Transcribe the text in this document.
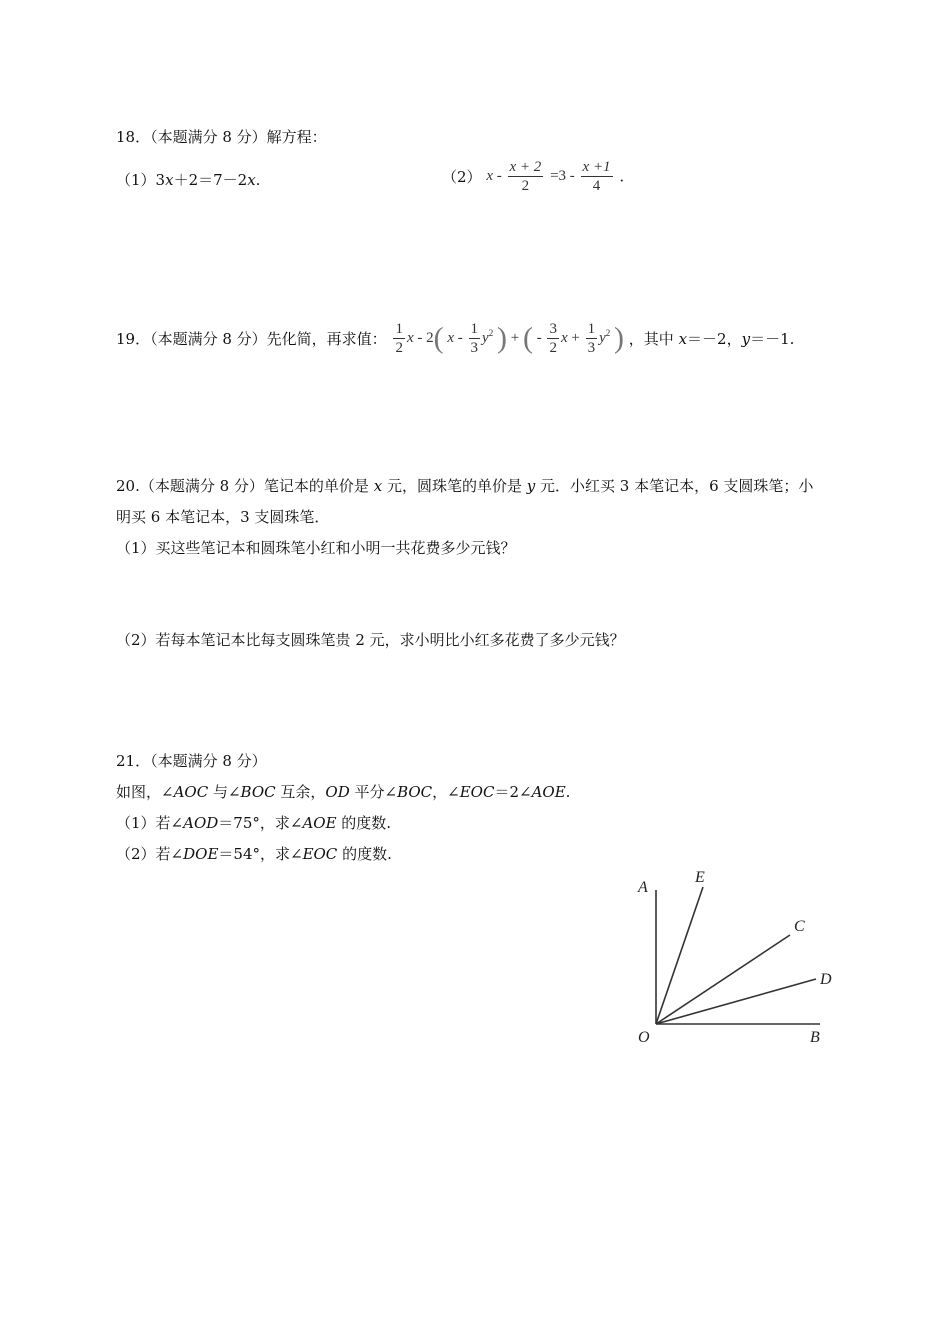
18．（本题满分 8 分）解方程：
（1）3x＋2＝7－2x.	（2） $x - \frac{x + 2}{2} =3 - \frac{x +1}{4}$ .
19．（本题满分 8 分）先化简，再求值： $\frac{1}{2}$ x - 2( x - $\frac{1}{3} y^2$ ) + ( - $\frac{3}{2}$ $x + \frac{1}{3} y^2$ ) ，其中 x＝－2，y＝－1.
20.（本题满分 8 分）笔记本的单价是 x 元，圆珠笔的单价是 y 元．小红买 3 本笔记本，6 支圆珠笔；小
明买 6 本笔记本，3 支圆珠笔．
（1）买这些笔记本和圆珠笔小红和小明一共花费多少元钱？
（2）若每本笔记本比每支圆珠笔贵 2 元，求小明比小红多花费了多少元钱？
21．（本题满分 8 分）
如图，∠AOC 与∠BOC 互余，OD 平分∠BOC，∠EOC＝2∠AOE.
（1）若∠AOD＝75°，求∠AOE 的度数.
（2）若∠DOE＝54°，求∠EOC 的度数.
A
E
C
D
O	B
